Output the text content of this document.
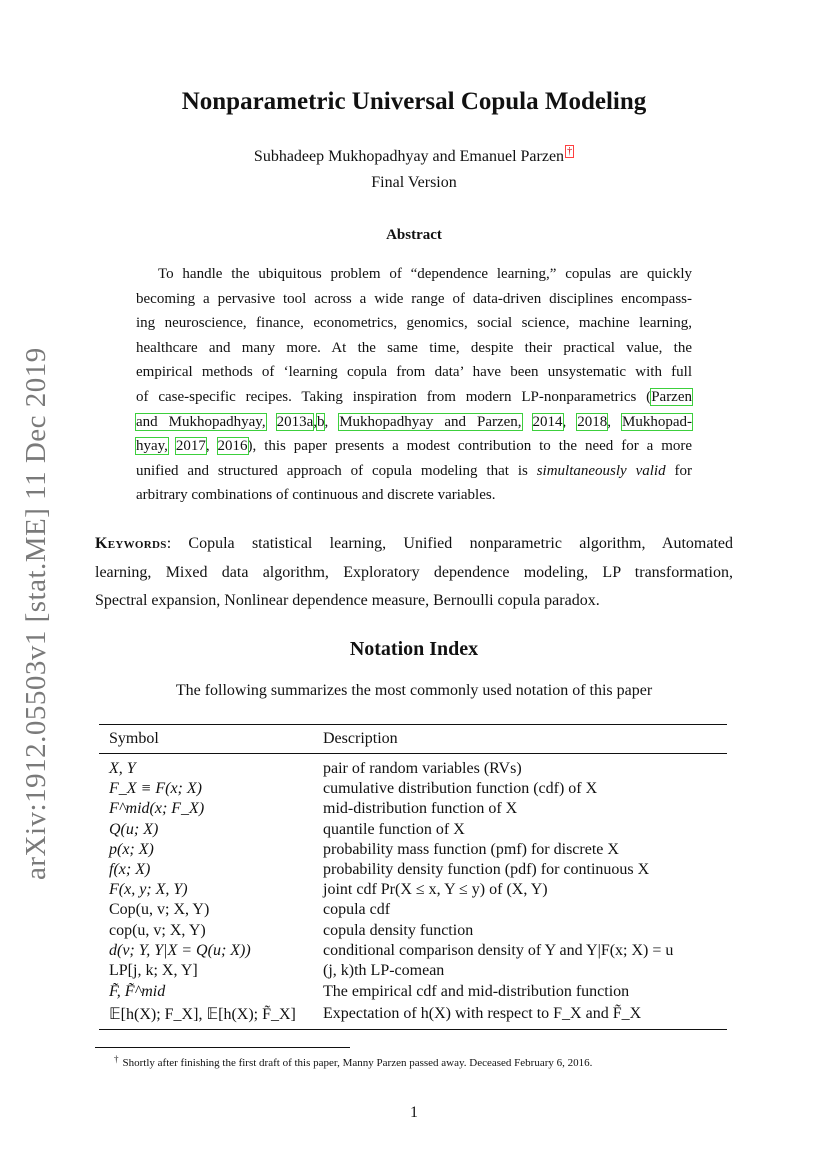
arXiv:1912.05503v1 [stat.ME] 11 Dec 2019
Nonparametric Universal Copula Modeling
Subhadeep Mukhopadhyay and Emanuel Parzen †
Final Version
Abstract
To handle the ubiquitous problem of “dependence learning,” copulas are quickly
becoming a pervasive tool across a wide range of data-driven disciplines encompass-
ing neuroscience, finance, econometrics, genomics, social science, machine learning,
healthcare and many more. At the same time, despite their practical value, the
empirical methods of ‘learning copula from data’ have been unsystematic with full
of case-specific recipes. Taking inspiration from modern LP-nonparametrics (Parzen
and Mukhopadhyay, 2013a,b, Mukhopadhyay and Parzen, 2014, 2018, Mukhopad-
hyay, 2017, 2016), this paper presents a modest contribution to the need for a more
unified and structured approach of copula modeling that is simultaneously valid for
arbitrary combinations of continuous and discrete variables.
Keywords: Copula statistical learning, Unified nonparametric algorithm, Automated
learning, Mixed data algorithm, Exploratory dependence modeling, LP transformation,
Spectral expansion, Nonlinear dependence measure, Bernoulli copula paradox.
Notation Index
The following summarizes the most commonly used notation of this paper
Symbol	Description
X, Y	pair of random variables (RVs)
F_X ≡ F(x; X)	cumulative distribution function (cdf) of X
F^mid(x; F_X)	mid-distribution function of X
Q(u; X)	quantile function of X
p(x; X)	probability mass function (pmf) for discrete X
f(x; X)	probability density function (pdf) for continuous X
F(x, y; X, Y)	joint cdf Pr(X ≤ x, Y ≤ y) of (X, Y)
Cop(u, v; X, Y)	copula cdf
cop(u, v; X, Y)	copula density function
d(v; Y, Y|X = Q(u; X))	conditional comparison density of Y and Y|F(x; X) = u
LP[j, k; X, Y]	(j, k)th LP-comean
F̃, F̃^mid	The empirical cdf and mid-distribution function
𝔼[h(X); F_X], 𝔼[h(X); F̃_X]	Expectation of h(X) with respect to F_X and F̃_X
† Shortly after finishing the first draft of this paper, Manny Parzen passed away. Deceased February 6, 2016.
1
